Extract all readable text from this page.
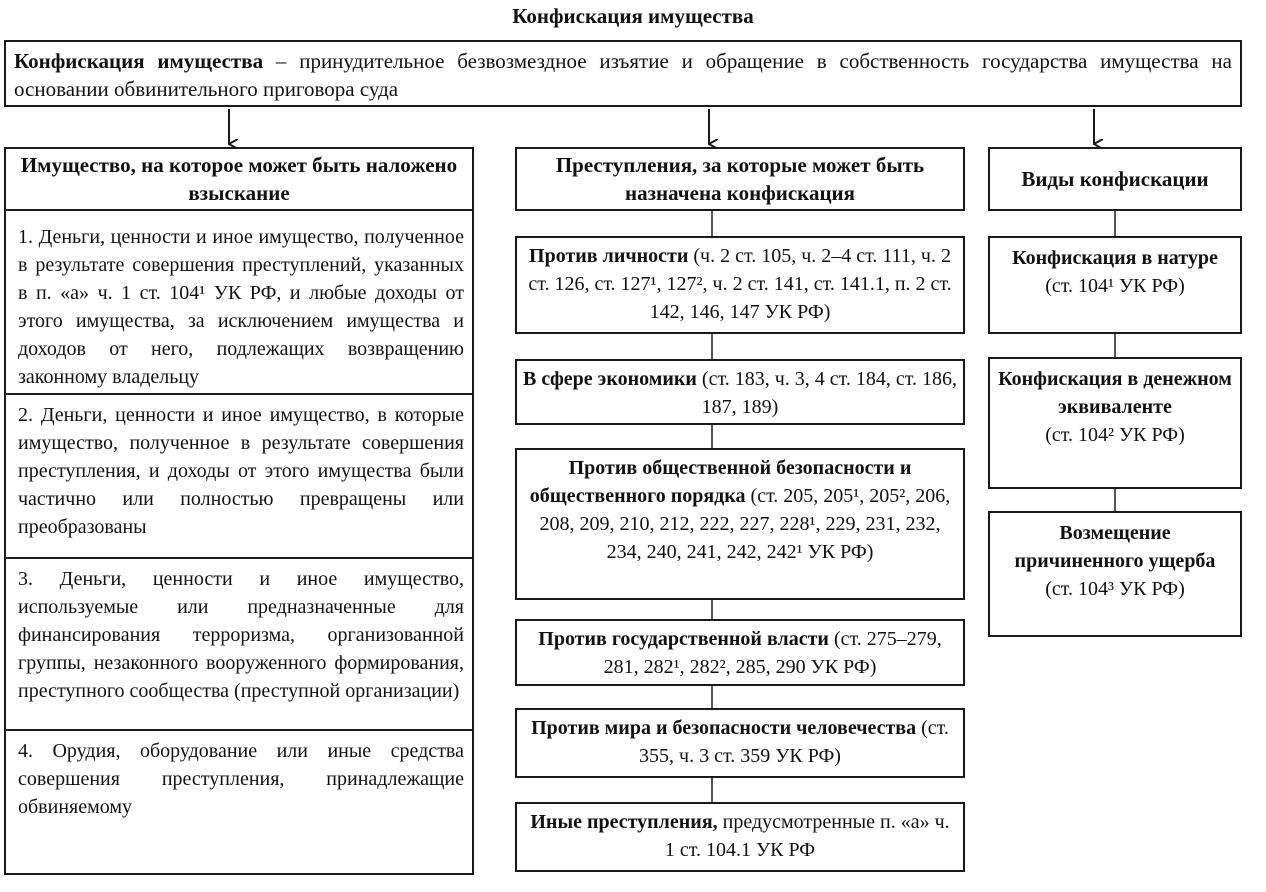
Конфискация имущества
Конфискация имущества – принудительное безвозмездное изъятие и обращение в собственность государства имущества на основании обвинительного приговора суда
Имущество, на которое может быть наложено взыскание
1. Деньги, ценности и иное имущество, полученное в результате совершения преступлений, указанных в п. «а» ч. 1 ст. 104¹ УК РФ, и любые доходы от этого имущества, за исключением имущества и доходов от него, подлежащих возвращению законному владельцу
2. Деньги, ценности и иное имущество, в которые имущество, полученное в результате совершения преступления, и доходы от этого имущества были частично или полностью превращены или преобразованы
3. Деньги, ценности и иное имущество, используемые или предназначенные для финансирования терроризма, организованной группы, незаконного вооруженного формирования, преступного сообщества (преступной организации)
4. Орудия, оборудование или иные средства совершения преступления, принадлежащие обвиняемому
Преступления, за которые может быть назначена конфискация
Против личности (ч. 2 ст. 105, ч. 2–4 ст. 111, ч. 2 ст. 126, ст. 127¹, 127², ч. 2 ст. 141, ст. 141.1, п. 2 ст. 142, 146, 147 УК РФ)
В сфере экономики (ст. 183, ч. 3, 4 ст. 184, ст. 186, 187, 189)
Против общественной безопасности и общественного порядка (ст. 205, 205¹, 205², 206, 208, 209, 210, 212, 222, 227, 228¹, 229, 231, 232, 234, 240, 241, 242, 242¹ УК РФ)
Против государственной власти (ст. 275–279, 281, 282¹, 282², 285, 290 УК РФ)
Против мира и безопасности человечества (ст. 355, ч. 3 ст. 359 УК РФ)
Иные преступления, предусмотренные п. «а» ч. 1 ст. 104.1 УК РФ
Виды конфискации
Конфискация в натуре
(ст. 104¹ УК РФ)
Конфискация в денежном эквиваленте
(ст. 104² УК РФ)
Возмещение причиненного ущерба
(ст. 104³ УК РФ)
